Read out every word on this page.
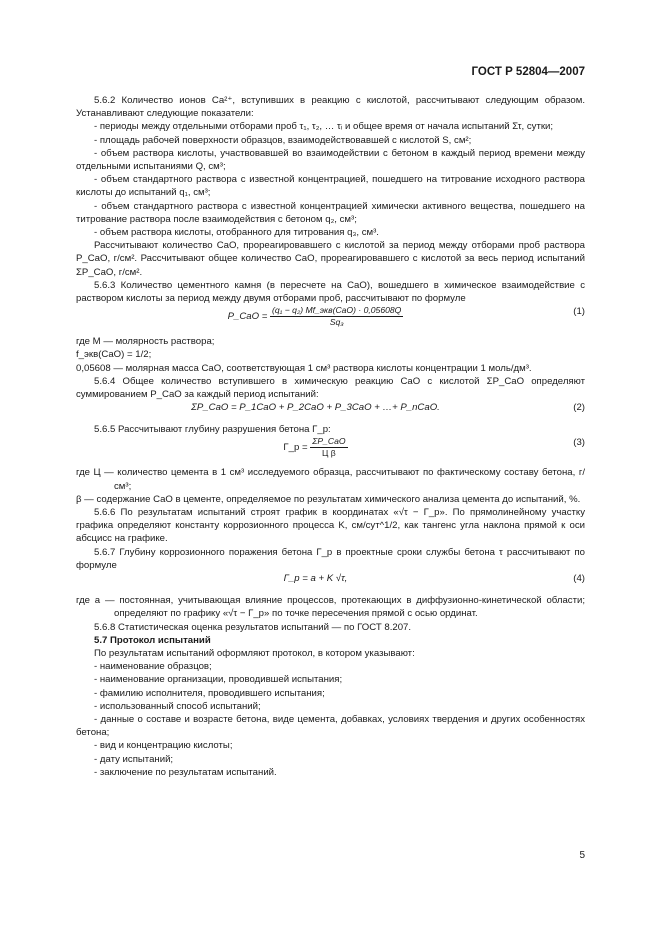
ГОСТ Р 52804—2007

5.6.2 Количество ионов Ca²⁺, вступивших в реакцию с кислотой, рассчитывают следующим образом. Устанавливают следующие показатели:

- периоды между отдельными отборами проб τ₁, τ₂, … τᵢ и общее время от начала испытаний Στ, сутки;

- площадь рабочей поверхности образцов, взаимодействовавшей с кислотой S, см²;

- объем раствора кислоты, участвовавшей во взаимодействии с бетоном в каждый период времени между отдельными испытаниями Q, см³;

- объем стандартного раствора с известной концентрацией, пошедшего на титрование исходного раствора кислоты до испытаний q₁, см³;

- объем стандартного раствора с известной концентрацией химически активного вещества, пошедшего на титрование раствора после взаимодействия с бетоном q₂, см³;

- объем раствора кислоты, отобранного для титрования q₃, см³.

Рассчитывают количество CaO, прореагировавшего с кислотой за период между отборами проб раствора P_CaO, г/см². Рассчитывают общее количество CaO, прореагировавшего с кислотой за весь период испытаний ΣP_CaO, г/см².

5.6.3 Количество цементного камня (в пересчете на CaO), вошедшего в химическое взаимодействие с раствором кислоты за период между двумя отборами проб, рассчитывают по формуле

P_CaO = $\frac{\text{(q₁ − q₂) Mf\_экв(CaO) · 0,05608Q}}{\text{Sq₃}}$	(1)

где M — молярность раствора;

f_экв(CaO) = 1/2;

0,05608 — молярная масса CaO, соответствующая 1 см³ раствора кислоты концентрации 1 моль/дм³.

5.6.4 Общее количество вступившего в химическую реакцию CaO с кислотой ΣP_CaO определяют суммированием P_CaO за каждый период испытаний:

ΣP_CaO = P_1CaO + P_2CaO + P_3CaO + …+ P_nCaO.	(2)

5.6.5 Рассчитывают глубину разрушения бетона Г_р:

Г_р = $\frac{\text{ΣP\_CaO}}{\text{Ц β}}$	(3)

где Ц — количество цемента в 1 см³ исследуемого образца, рассчитывают по фактическому составу бетона, г/см³;

β — содержание CaO в цементе, определяемое по результатам химического анализа цемента до испытаний, %.

5.6.6 По результатам испытаний строят график в координатах «√τ − Г_р». По прямолинейному участку графика определяют константу коррозионного процесса K, см/сут^1/2, как тангенс угла наклона прямой к оси абсцисс на графике.

5.6.7 Глубину коррозионного поражения бетона Г_р в проектные сроки службы бетона τ рассчитывают по формуле

Г_р = a + K √τ,	(4)

где a — постоянная, учитывающая влияние процессов, протекающих в диффузионно-кинетической области; определяют по графику «√τ − Г_р» по точке пересечения прямой с осью ординат.

5.6.8 Статистическая оценка результатов испытаний — по ГОСТ 8.207.

5.7 Протокол испытаний

По результатам испытаний оформляют протокол, в котором указывают:

- наименование образцов;

- наименование организации, проводившей испытания;

- фамилию исполнителя, проводившего испытания;

- использованный способ испытаний;

- данные о составе и возрасте бетона, виде цемента, добавках, условиях твердения и других особенностях бетона;

- вид и концентрацию кислоты;

- дату испытаний;

- заключение по результатам испытаний.

5
